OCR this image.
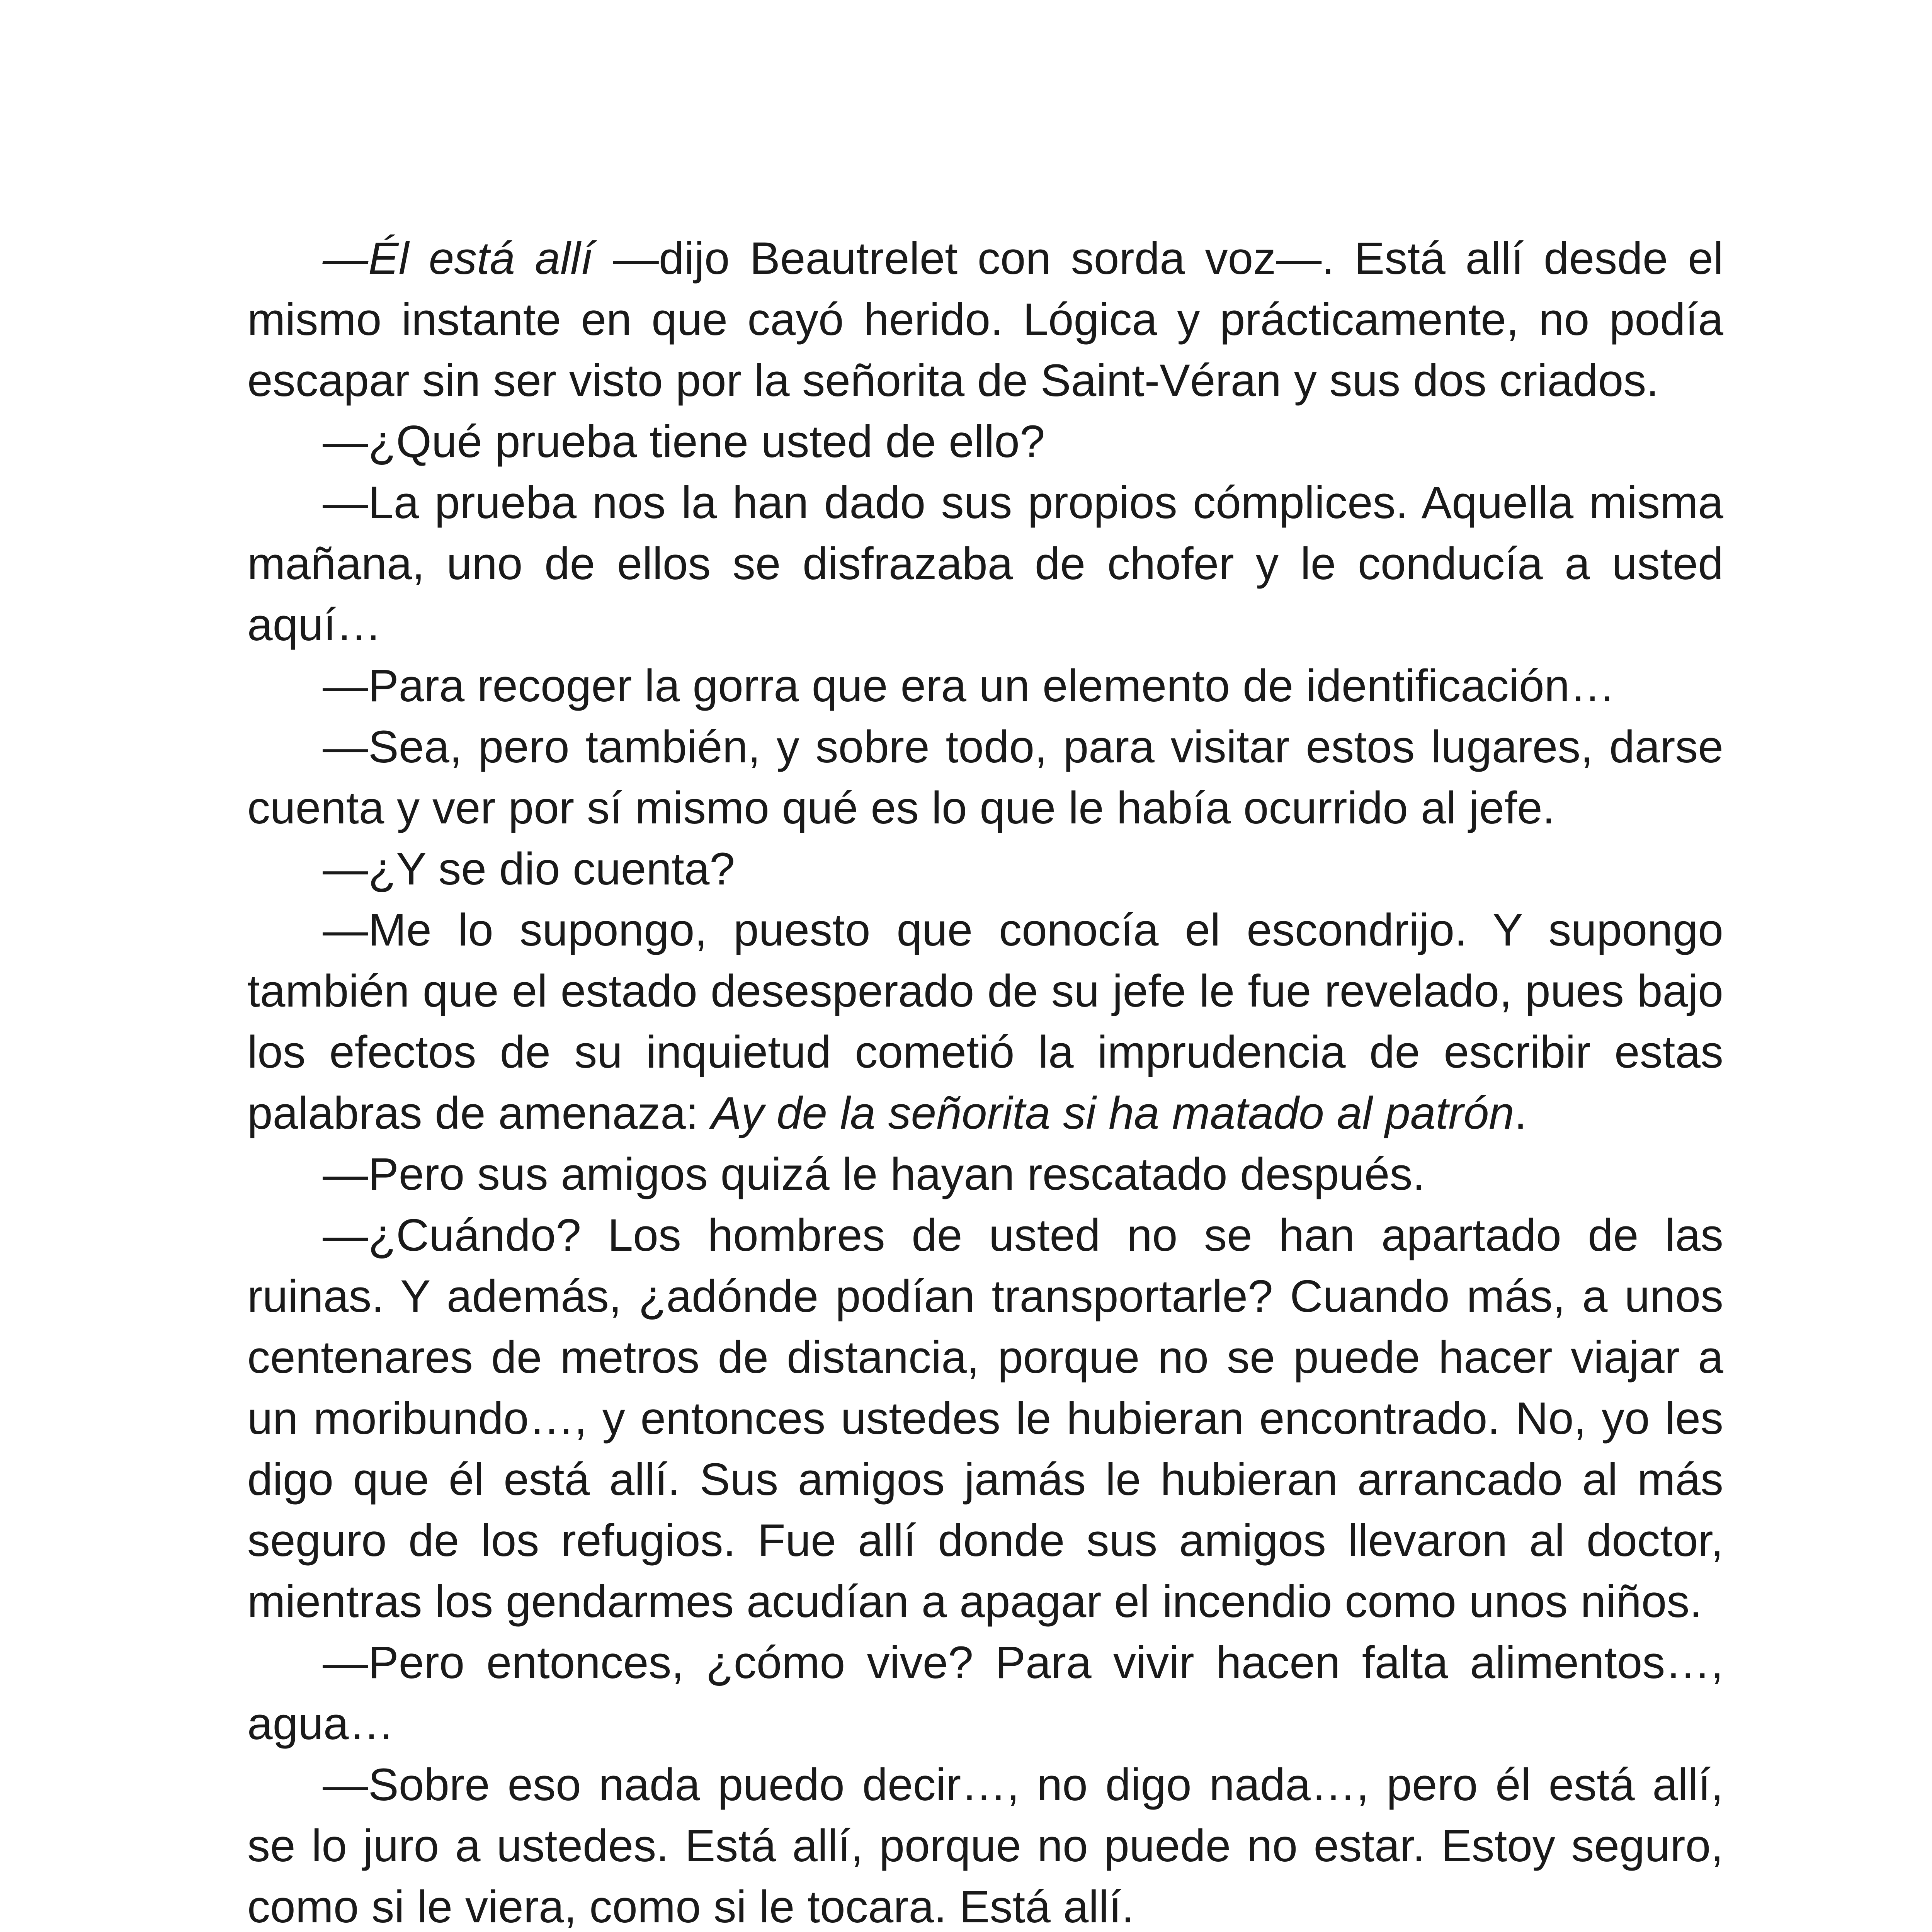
—Él está allí —dijo Beautrelet con sorda voz—. Está allí desde el mismo instante en que cayó herido. Lógica y prácticamente, no podía escapar sin ser visto por la señorita de Saint-Véran y sus dos criados.

—¿Qué prueba tiene usted de ello?

—La prueba nos la han dado sus propios cómplices. Aquella misma mañana, uno de ellos se disfrazaba de chofer y le conducía a usted aquí…

—Para recoger la gorra que era un elemento de identificación…

—Sea, pero también, y sobre todo, para visitar estos lugares, darse cuenta y ver por sí mismo qué es lo que le había ocurrido al jefe.

—¿Y se dio cuenta?

—Me lo supongo, puesto que conocía el escondrijo. Y supongo también que el estado desesperado de su jefe le fue revelado, pues bajo los efectos de su inquietud cometió la imprudencia de escribir estas palabras de amenaza: Ay de la señorita si ha matado al patrón.

—Pero sus amigos quizá le hayan rescatado después.

—¿Cuándo? Los hombres de usted no se han apartado de las ruinas. Y además, ¿adónde podían transportarle? Cuando más, a unos centenares de metros de distancia, porque no se puede hacer viajar a un moribundo…, y entonces ustedes le hubieran encontrado. No, yo les digo que él está allí. Sus amigos jamás le hubieran arrancado al más seguro de los refugios. Fue allí donde sus amigos llevaron al doctor, mientras los gendarmes acudían a apagar el incendio como unos niños.

—Pero entonces, ¿cómo vive? Para vivir hacen falta alimentos…, agua…

—Sobre eso nada puedo decir…, no digo nada…, pero él está allí, se lo juro a ustedes. Está allí, porque no puede no estar. Estoy seguro, como si le viera, como si le tocara. Está allí.
